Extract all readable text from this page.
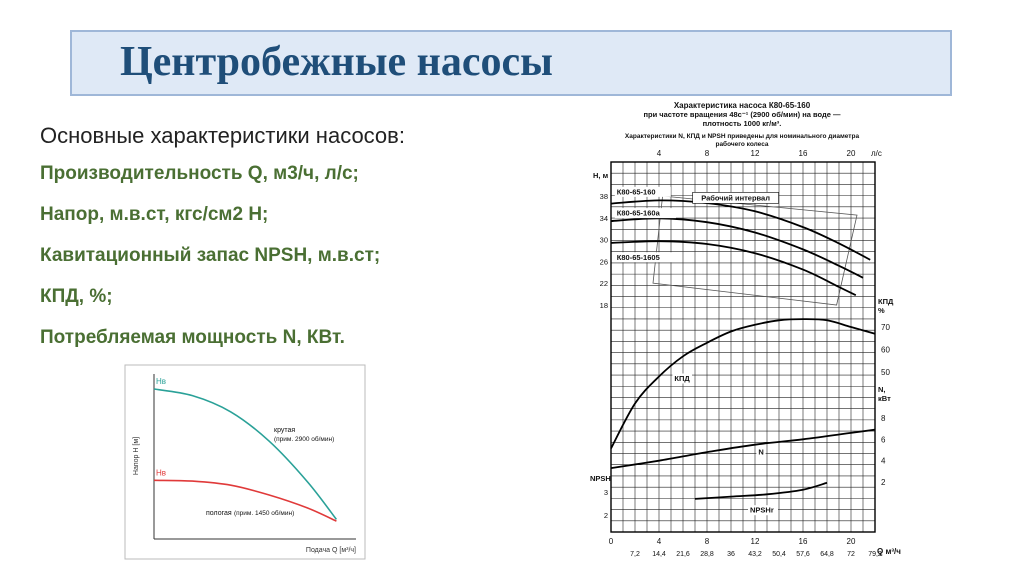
Центробежные насосы
Основные характеристики насосов:
Производительность Q, м3/ч, л/с;
Напор, м.в.ст, кгс/см2 Н;
Кавитационный запас NPSH, м.в.ст;
КПД, %;
Потребляемая мощность N, КВт.
Напор H [м]
Подача Q [м³/ч]
Hв
Hв
крутая
(прим. 2900 об/мин)
пологая (прим. 1450 об/мин)
Характеристика насоса К80-65-160
при частоте вращения 48с⁻¹ (2900 об/мин) на воде —
плотность 1000 кг/м³.
Характеристики N, КПД и NPSH приведены для номинального диаметра
рабочего колеса
4	8	12	16	20 л/с
0	4	8	12	16	20
7,2 14,4 21,6 28,8 36 43,2 50,4 57,6 64,8 72 79,2
Q м³/ч
H, м
38
34
30
26
22
18
NPSH
3
2
КПД
%
70
60
50
N,
кВт
8
6
4
2
Рабочий интервал
К80-65-160
К80-65-160а
К80-65-1605
КПД
N
NPSHr
